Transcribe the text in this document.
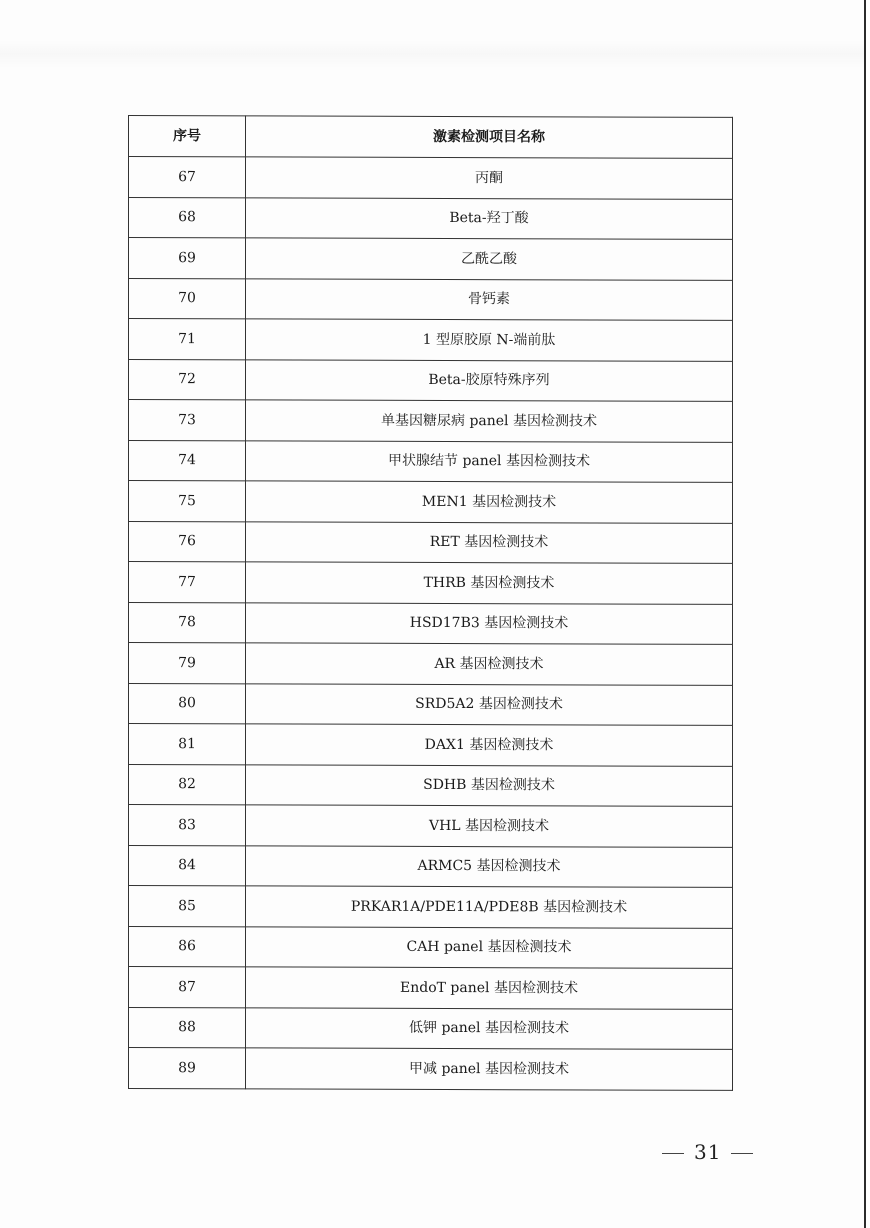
序号	激素检测项目名称
67	丙酮
68	Beta-羟丁酸
69	乙酰乙酸
70	骨钙素
71	1 型原胶原 N-端前肽
72	Beta-胶原特殊序列
73	单基因糖尿病 panel 基因检测技术
74	甲状腺结节 panel 基因检测技术
75	MEN1 基因检测技术
76	RET 基因检测技术
77	THRB 基因检测技术
78	HSD17B3 基因检测技术
79	AR 基因检测技术
80	SRD5A2 基因检测技术
81	DAX1 基因检测技术
82	SDHB 基因检测技术
83	VHL 基因检测技术
84	ARMC5 基因检测技术
85	PRKAR1A/PDE11A/PDE8B 基因检测技术
86	CAH panel 基因检测技术
87	EndoT panel 基因检测技术
88	低钾 panel 基因检测技术
89	甲减 panel 基因检测技术
31
